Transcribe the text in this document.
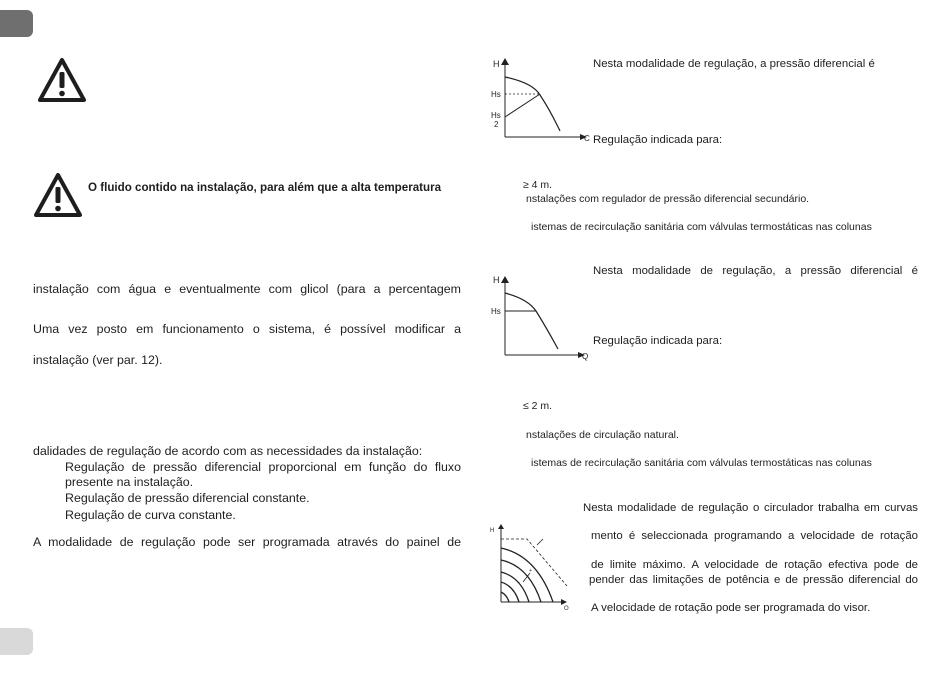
O fluido contido na instalação, para além que a alta temperatura
instalação com água e eventualmente com glicol (para a percentagem
Uma vez posto em funcionamento o sistema, é possível modificar a
instalação (ver par. 12).
dalidades de regulação de acordo com as necessidades da instalação:
Regulação de pressão diferencial proporcional em função do fluxo
presente na instalação.
Regulação de pressão diferencial constante.
Regulação de curva constante.
A modalidade de regulação pode ser programada através do painel de
H
Hs
Hs
2
C
Nesta modalidade de regulação, a pressão diferencial é
Regulação indicada para:
≥ 4 m.
nstalações com regulador de pressão diferencial secundário.
istemas de recirculação sanitária com válvulas termostáticas nas colunas
H
Hs
Q
Nesta modalidade de regulação, a pressão diferencial é
Regulação indicada para:
≤ 2 m.
nstalações de circulação natural.
istemas de recirculação sanitária com válvulas termostáticas nas colunas
+
−
H
Q
Nesta modalidade de regulação o circulador trabalha em curvas
mento é seleccionada programando a velocidade de rotação
de limite máximo. A velocidade de rotação efectiva pode de
pender das limitações de potência e de pressão diferencial do
A velocidade de rotação pode ser programada do visor.
